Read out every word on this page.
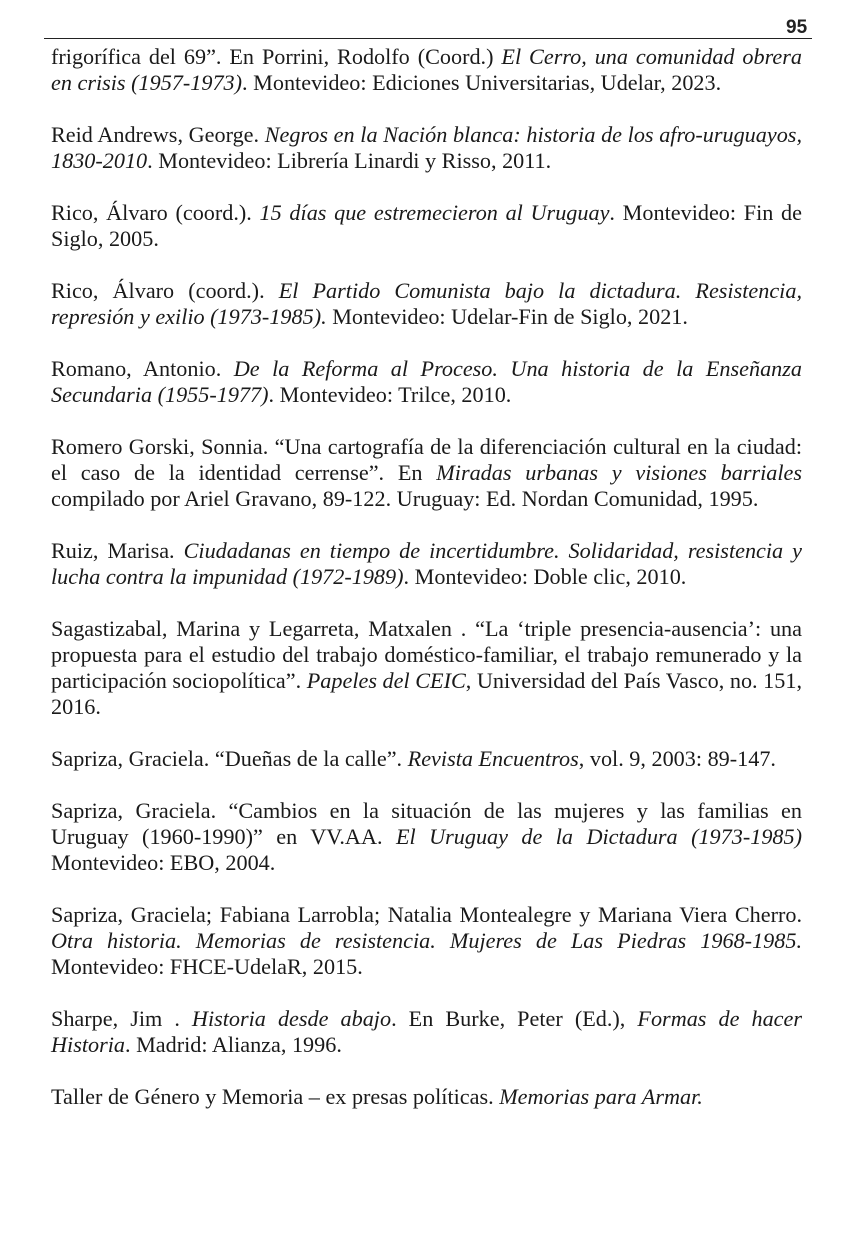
95

frigorífica del 69”. En Porrini, Rodolfo (Coord.) El Cerro, una comunidad obrera en crisis (1957-1973). Montevideo: Ediciones Universitarias, Udelar, 2023.

Reid Andrews, George. Negros en la Nación blanca: historia de los afro-uruguayos, 1830-2010. Montevideo: Librería Linardi y Risso, 2011.

Rico, Álvaro (coord.). 15 días que estremecieron al Uruguay. Montevideo: Fin de Siglo, 2005.

Rico, Álvaro (coord.). El Partido Comunista bajo la dictadura. Resistencia, represión y exilio (1973-1985). Montevideo: Udelar-Fin de Siglo, 2021.

Romano, Antonio. De la Reforma al Proceso. Una historia de la Enseñanza Secundaria (1955-1977). Montevideo: Trilce, 2010.

Romero Gorski, Sonnia. “Una cartografía de la diferenciación cultural en la ciudad: el caso de la identidad cerrense”. En Miradas urbanas y visiones barriales compilado por Ariel Gravano, 89-122. Uruguay: Ed. Nordan Comunidad, 1995.

Ruiz, Marisa. Ciudadanas en tiempo de incertidumbre. Solidaridad, resistencia y lucha contra la impunidad (1972-1989). Montevideo: Doble clic, 2010.

Sagastizabal, Marina y Legarreta, Matxalen . “La ‘triple presencia-ausencia’: una propuesta para el estudio del trabajo doméstico-familiar, el trabajo remunerado y la participación sociopolítica”. Papeles del CEIC, Universidad del País Vasco, no. 151, 2016.

Sapriza, Graciela. “Dueñas de la calle”. Revista Encuentros, vol. 9, 2003: 89-147.

Sapriza, Graciela. “Cambios en la situación de las mujeres y las familias en Uruguay (1960-1990)” en VV.AA. El Uruguay de la Dictadura (1973-1985) Montevideo: EBO, 2004.

Sapriza, Graciela; Fabiana Larrobla; Natalia Montealegre y Mariana Viera Cherro. Otra historia. Memorias de resistencia. Mujeres de Las Piedras 1968-1985. Montevideo: FHCE-UdelaR, 2015.

Sharpe, Jim . Historia desde abajo. En Burke, Peter (Ed.), Formas de hacer Historia. Madrid: Alianza, 1996.

Taller de Género y Memoria – ex presas políticas. Memorias para Armar.
